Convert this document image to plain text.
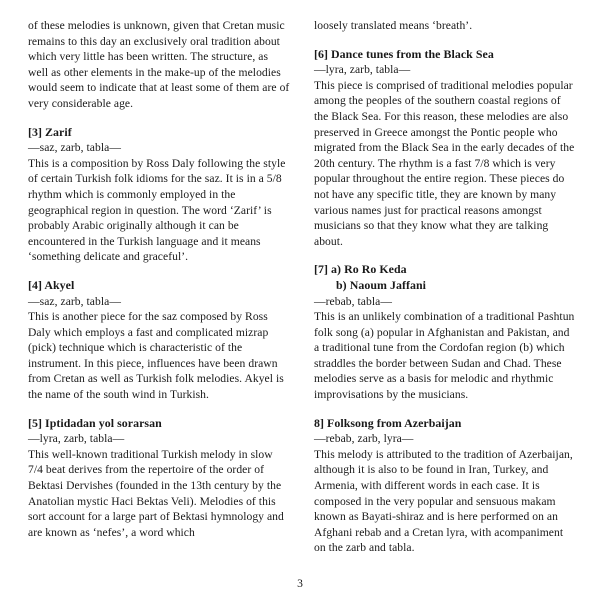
of these melodies is unknown, given that Cretan music remains to this day an exclusively oral tradition about which very little has been written. The structure, as well as other elements in the make-up of the melodies would seem to indicate that at least some of them are of very considerable age.

[3] Zarif

—saz, zarb, tabla—

This is a composition by Ross Daly following the style of certain Turkish folk idioms for the saz. It is in a 5/8 rhythm which is commonly employed in the geographical region in question. The word ‘Zarif’ is probably Arabic originally although it can be encountered in the Turkish language and it means ‘something delicate and graceful’.

[4] Akyel

—saz, zarb, tabla—

This is another piece for the saz composed by Ross Daly which employs a fast and complicated mizrap (pick) technique which is characteristic of the instrument. In this piece, influences have been drawn from Cretan as well as Turkish folk melodies. Akyel is the name of the south wind in Turkish.

[5] Iptidadan yol sorarsan

—lyra, zarb, tabla—

This well-known traditional Turkish melody in slow 7/4 beat derives from the repertoire of the order of Bektasi Dervishes (founded in the 13th century by the Anatolian mystic Haci Bektas Veli). Melodies of this sort account for a large part of Bektasi hymnology and are known as ‘nefes’, a word which

loosely translated means ‘breath’.

[6] Dance tunes from the Black Sea

—lyra, zarb, tabla—

This piece is comprised of traditional melodies popular among the peoples of the southern coastal regions of the Black Sea. For this reason, these melodies are also preserved in Greece amongst the Pontic people who migrated from the Black Sea in the early decades of the 20th century. The rhythm is a fast 7/8 which is very popular throughout the entire region. These pieces do not have any specific title, they are known by many various names just for practical reasons amongst musicians so that they know what they are talking about.

[7] a) Ro Ro Keda

b) Naoum Jaffani

—rebab, tabla—

This is an unlikely combination of a traditional Pashtun folk song (a) popular in Afghanistan and Pakistan, and a traditional tune from the Cordofan region (b) which straddles the border between Sudan and Chad. These melodies serve as a basis for melodic and rhythmic improvisations by the musicians.

8] Folksong from Azerbaijan

—rebab, zarb, lyra—

This melody is attributed to the tradition of Azerbaijan, although it is also to be found in Iran, Turkey, and Armenia, with different words in each case. It is composed in the very popular and sensuous makam known as Bayati-shiraz and is here performed on an Afghani rebab and a Cretan lyra, with acompaniment on the zarb and tabla.

3
